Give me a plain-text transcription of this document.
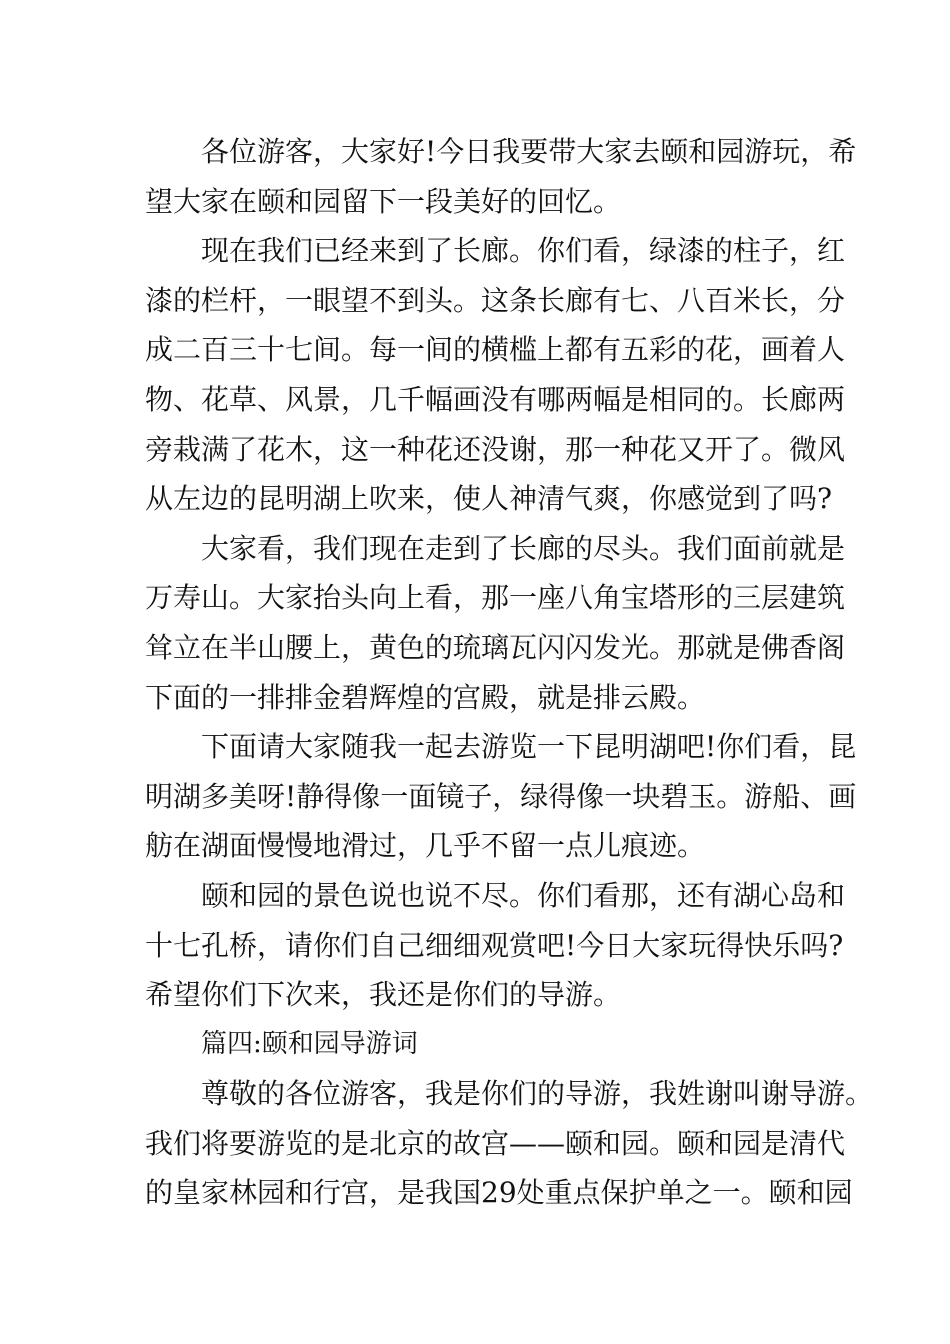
各位游客，大家好!今日我要带大家去颐和园游玩，希
望大家在颐和园留下一段美好的回忆。
现在我们已经来到了长廊。你们看，绿漆的柱子，红
漆的栏杆，一眼望不到头。这条长廊有七、八百米长，分
成二百三十七间。每一间的横槛上都有五彩的花，画着人
物、花草、风景，几千幅画没有哪两幅是相同的。长廊两
旁栽满了花木，这一种花还没谢，那一种花又开了。微风
从左边的昆明湖上吹来，使人神清气爽，你感觉到了吗?
大家看，我们现在走到了长廊的尽头。我们面前就是
万寿山。大家抬头向上看，那一座八角宝塔形的三层建筑
耸立在半山腰上，黄色的琉璃瓦闪闪发光。那就是佛香阁
下面的一排排金碧辉煌的宫殿，就是排云殿。
下面请大家随我一起去游览一下昆明湖吧!你们看，昆
明湖多美呀!静得像一面镜子，绿得像一块碧玉。游船、画
舫在湖面慢慢地滑过，几乎不留一点儿痕迹。
颐和园的景色说也说不尽。你们看那，还有湖心岛和
十七孔桥，请你们自己细细观赏吧!今日大家玩得快乐吗?
希望你们下次来，我还是你们的导游。
篇四:颐和园导游词
尊敬的各位游客，我是你们的导游，我姓谢叫谢导游。
我们将要游览的是北京的故宫——颐和园。颐和园是清代
的皇家林园和行宫，是我国29处重点保护单之一。颐和园
